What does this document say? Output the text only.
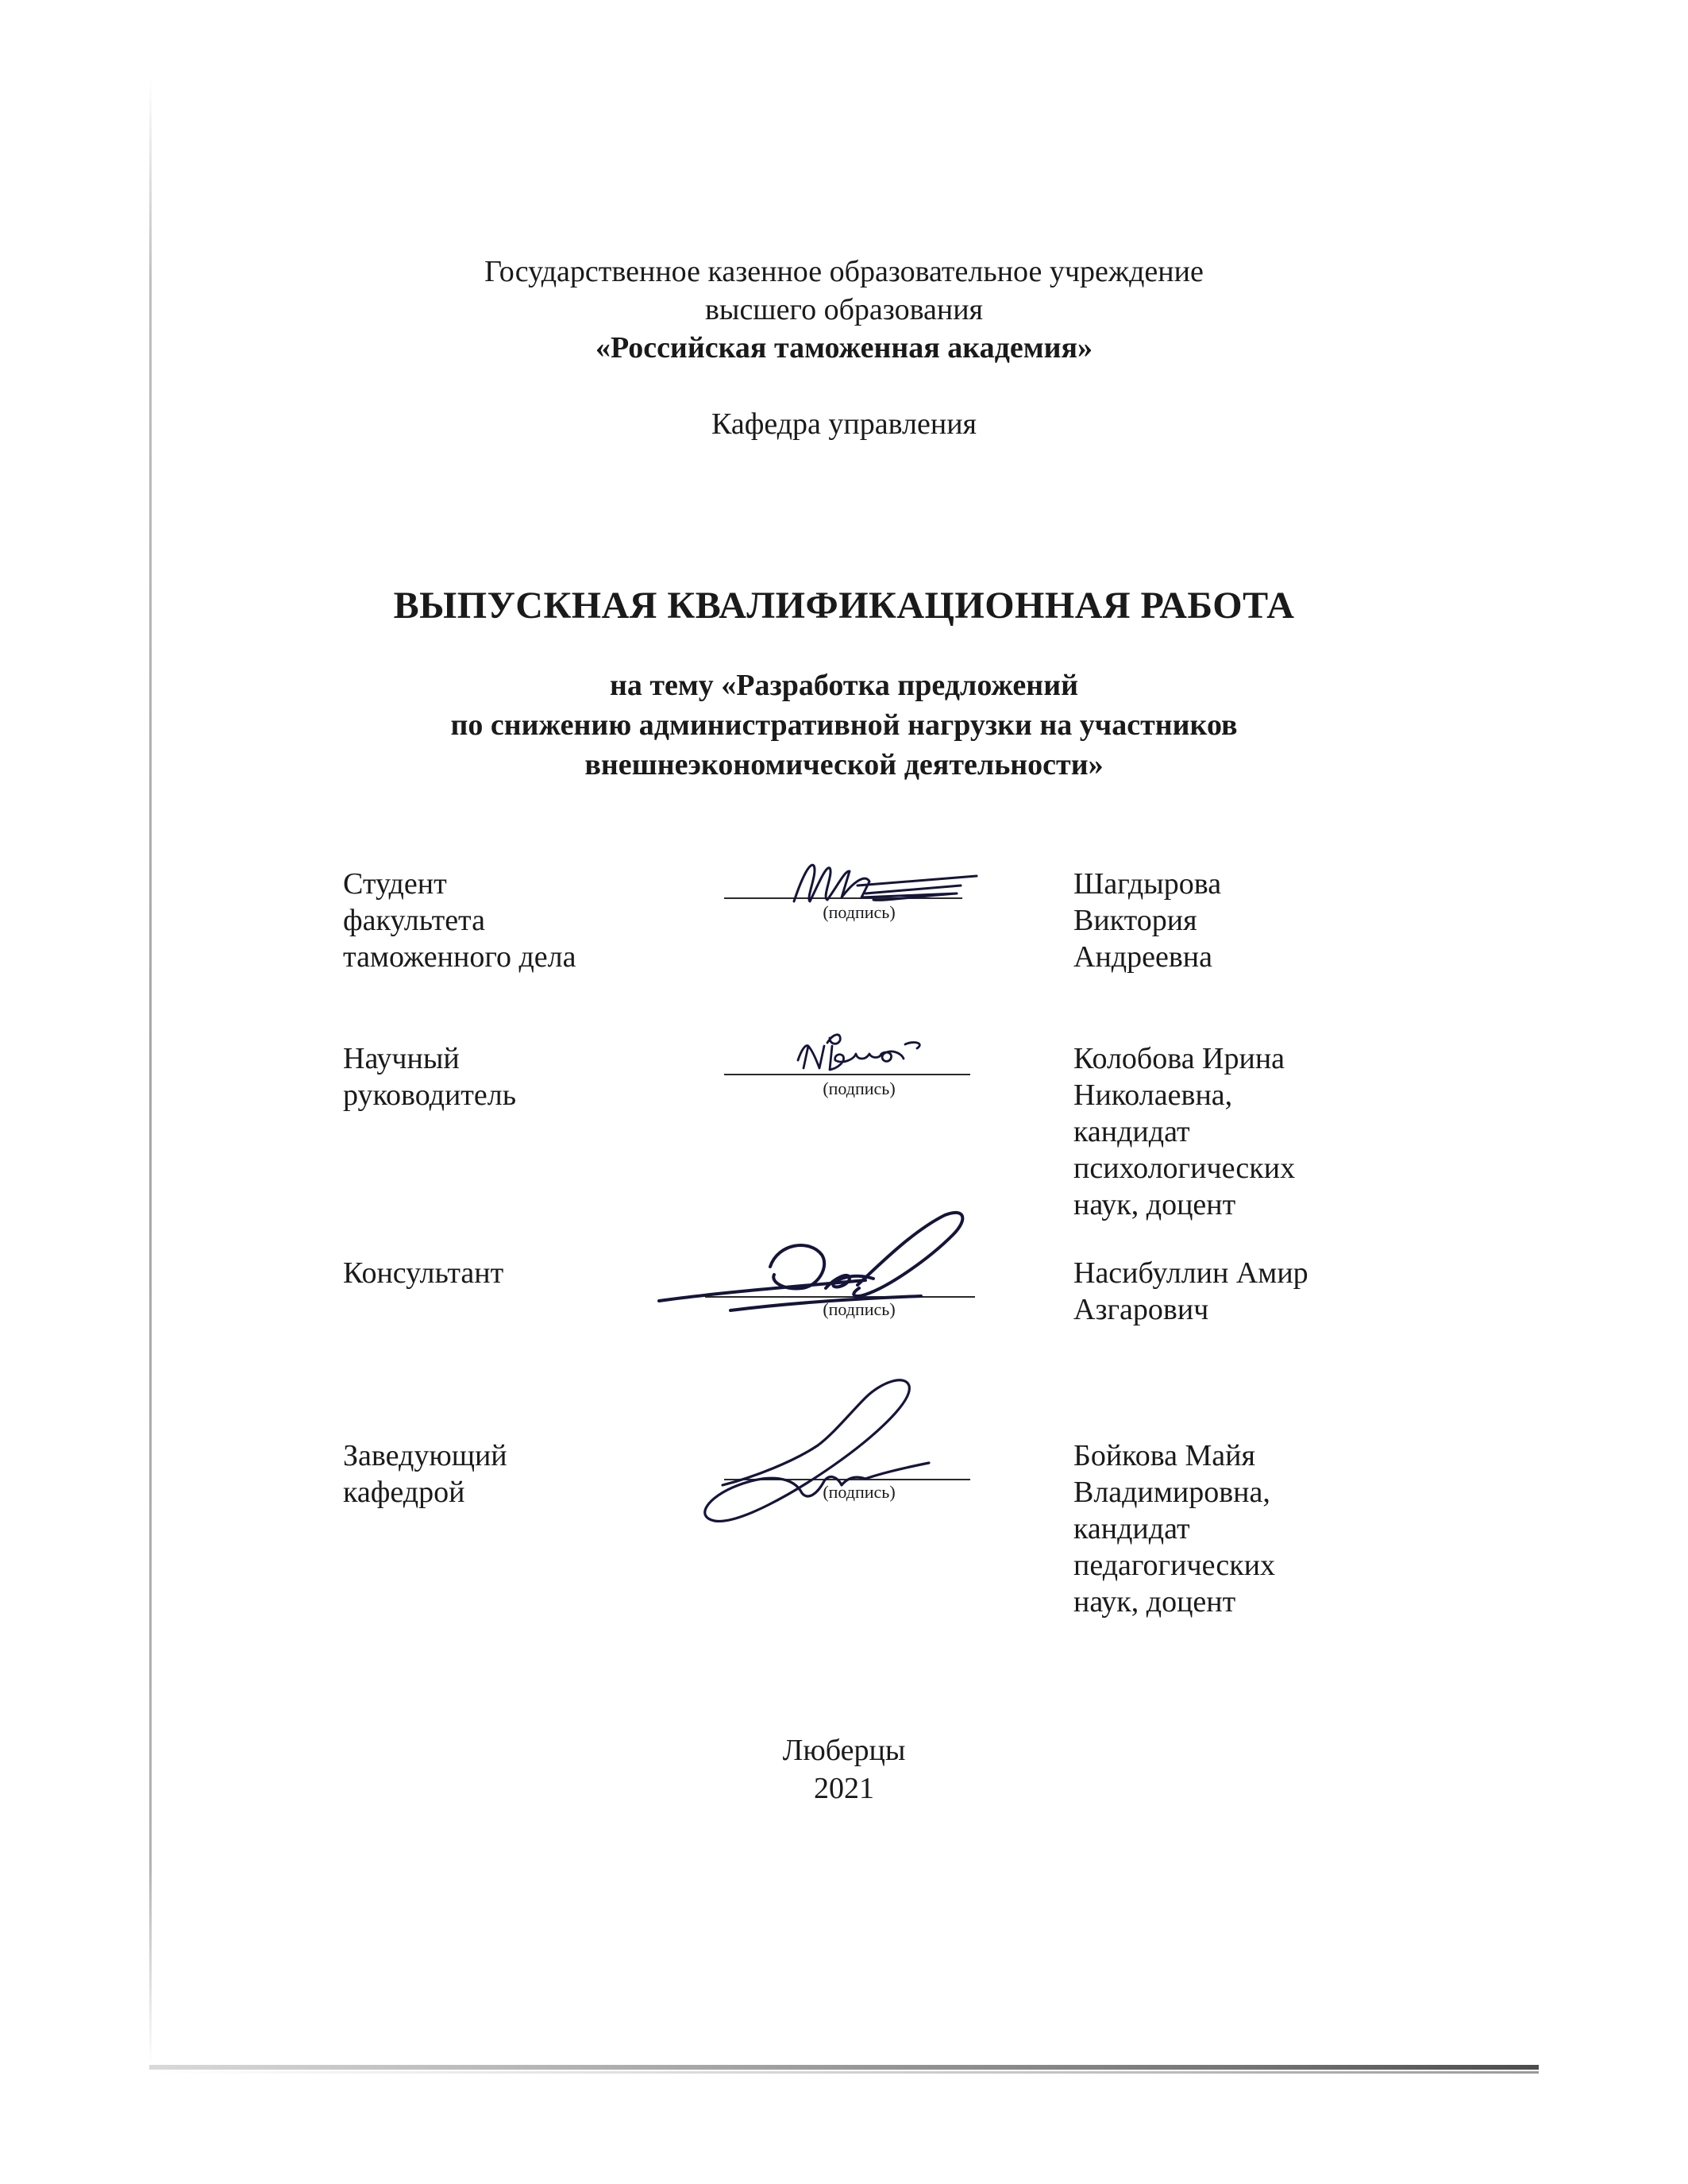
Государственное казенное образовательное учреждение
высшего образования
«Российская таможенная академия»
Кафедра управления
ВЫПУСКНАЯ КВАЛИФИКАЦИОННАЯ РАБОТА
на тему «Разработка предложений
по снижению административной нагрузки на участников
внешнеэкономической деятельности»
Студент
факультета
таможенного дела
(подпись)
Шагдырова
Виктория
Андреевна
Научный
руководитель	(подпись)
Колобова Ирина
Николаевна,
кандидат
психологических
наук, доцент
Консультант
(подпись)
Насибуллин Амир
Азгарович
Заведующий
кафедрой	(подпись)
Бойкова Майя
Владимировна,
кандидат
педагогических
наук, доцент
Люберцы
2021
